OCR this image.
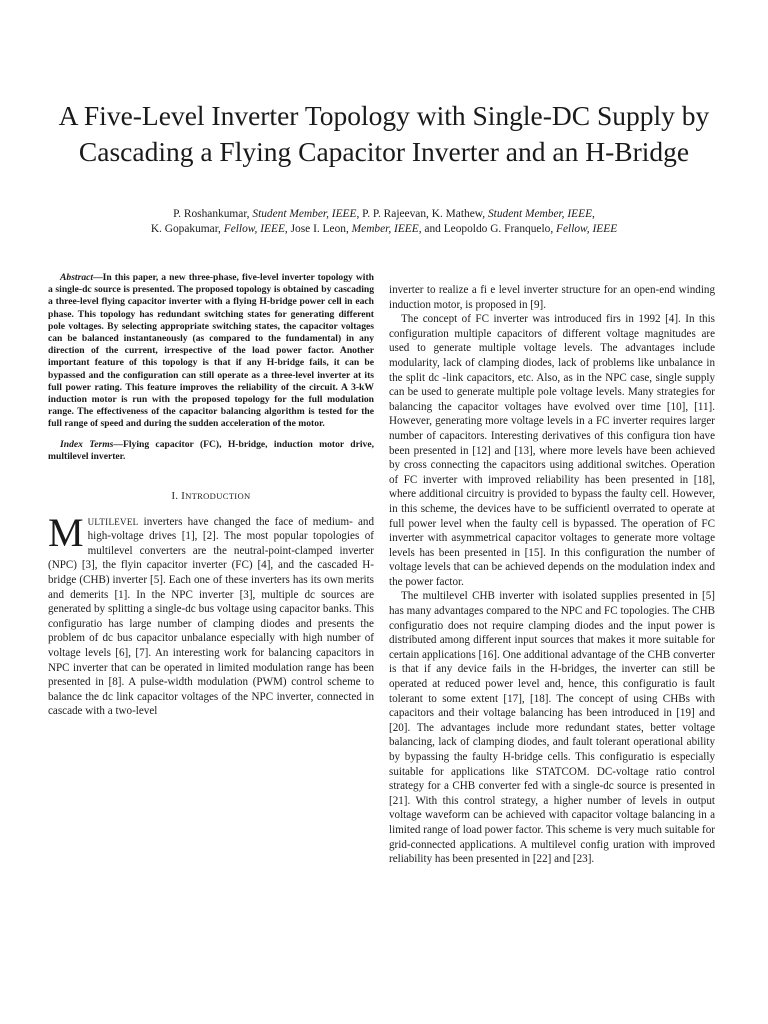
A Five-Level Inverter Topology with Single-DC Supply by Cascading a Flying Capacitor Inverter and an H-Bridge
P. Roshankumar, Student Member, IEEE, P. P. Rajeevan, K. Mathew, Student Member, IEEE,
K. Gopakumar, Fellow, IEEE, Jose I. Leon, Member, IEEE, and Leopoldo G. Franquelo, Fellow, IEEE

Abstract—In this paper, a new three-phase, five-level inverter topology with a single-dc source is presented. The proposed topology is obtained by cascading a three-level flying capacitor inverter with a flying H-bridge power cell in each phase. This topology has redundant switching states for generating different pole voltages. By selecting appropriate switching states, the capacitor voltages can be balanced instantaneously (as compared to the fundamental) in any direction of the current, irrespective of the load power factor. Another important feature of this topology is that if any H-bridge fails, it can be bypassed and the configuration can still operate as a three-level inverter at its full power rating. This feature improves the reliability of the circuit. A 3-kW induction motor is run with the proposed topology for the full modulation range. The effectiveness of the capacitor balancing algorithm is tested for the full range of speed and during the sudden acceleration of the motor.

Index Terms—Flying capacitor (FC), H-bridge, induction motor drive, multilevel inverter.

I. INTRODUCTION

MULTILEVEL inverters have changed the face of medium- and high-voltage drives [1], [2]. The most popular topologies of multilevel converters are the neutral-point-clamped inverter (NPC) [3], the flyin capacitor inverter (FC) [4], and the cascaded H-bridge (CHB) inverter [5]. Each one of these inverters has its own merits and demerits [1]. In the NPC inverter [3], multiple dc sources are generated by splitting a single-dc bus voltage using capacitor banks. This configuratio has large number of clamping diodes and presents the problem of dc bus capacitor unbalance especially with high number of voltage levels [6], [7]. An interesting work for balancing capacitors in NPC inverter that can be operated in limited modulation range has been presented in [8]. A pulse-width modulation (PWM) control scheme to balance the dc link capacitor voltages of the NPC inverter, connected in cascade with a two-level

inverter to realize a fi e level inverter structure for an open-end winding induction motor, is proposed in [9].

The concept of FC inverter was introduced firs in 1992 [4]. In this configuration multiple capacitors of different voltage magnitudes are used to generate multiple voltage levels. The advantages include modularity, lack of clamping diodes, lack of problems like unbalance in the split dc -link capacitors, etc. Also, as in the NPC case, single supply can be used to generate multiple pole voltage levels. Many strategies for balancing the capacitor voltages have evolved over time [10], [11]. However, generating more voltage levels in a FC inverter requires larger number of capacitors. Interesting derivatives of this configura tion have been presented in [12] and [13], where more levels have been achieved by cross connecting the capacitors using additional switches. Operation of FC inverter with improved reliability has been presented in [18], where additional circuitry is provided to bypass the faulty cell. However, in this scheme, the devices have to be sufficientl overrated to operate at full power level when the faulty cell is bypassed. The operation of FC inverter with asymmetrical capacitor voltages to generate more voltage levels has been presented in [15]. In this configuration the number of voltage levels that can be achieved depends on the modulation index and the power factor.

The multilevel CHB inverter with isolated supplies presented in [5] has many advantages compared to the NPC and FC topologies. The CHB configuratio does not require clamping diodes and the input power is distributed among different input sources that makes it more suitable for certain applications [16]. One additional advantage of the CHB converter is that if any device fails in the H-bridges, the inverter can still be operated at reduced power level and, hence, this configuratio is fault tolerant to some extent [17], [18]. The concept of using CHBs with capacitors and their voltage balancing has been introduced in [19] and [20]. The advantages include more redundant states, better voltage balancing, lack of clamping diodes, and fault tolerant operational ability by bypassing the faulty H-bridge cells. This configuratio is especially suitable for applications like STATCOM. DC-voltage ratio control strategy for a CHB converter fed with a single-dc source is presented in [21]. With this control strategy, a higher number of levels in output voltage waveform can be achieved with capacitor voltage balancing in a limited range of load power factor. This scheme is very much suitable for grid-connected applications. A multilevel config uration with improved reliability has been presented in [22] and [23].
